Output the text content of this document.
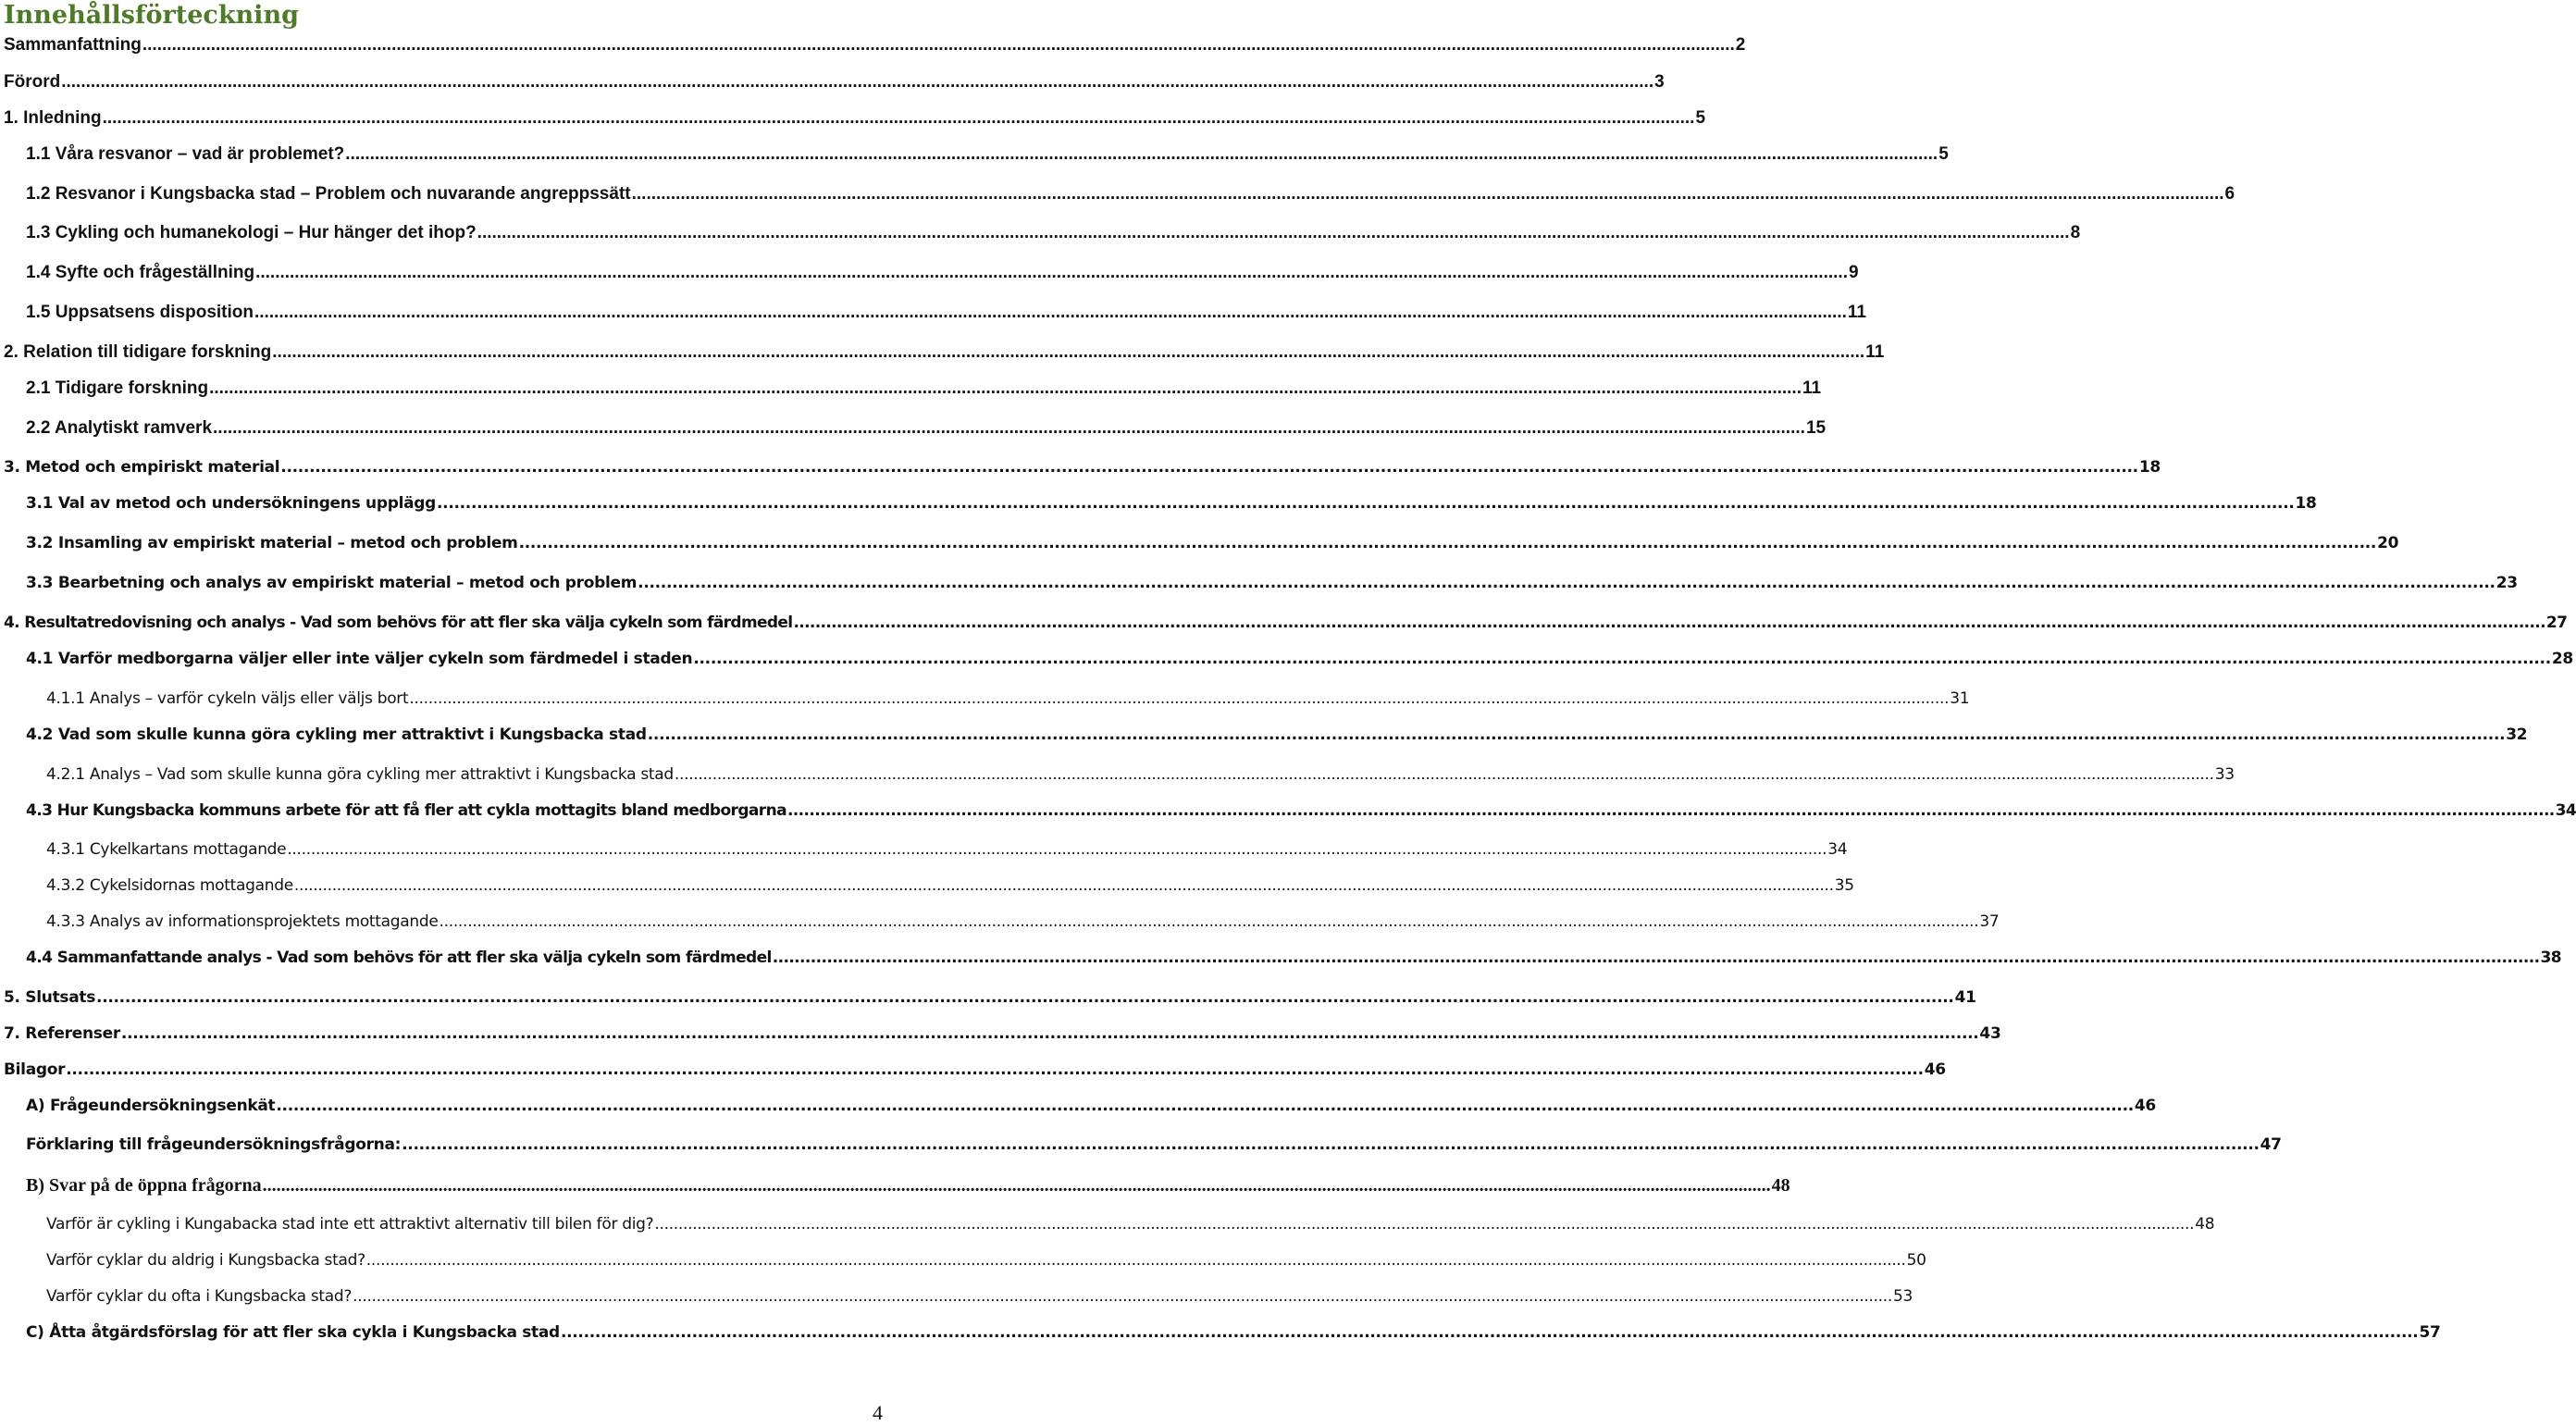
Innehållsförteckning
Sammanfattning .....	2
Förord .....	3
1. Inledning .....	5
1.1 Våra resvanor – vad är problemet? .....	5
1.2 Resvanor i Kungsbacka stad – Problem och nuvarande angreppssätt .....	6
1.3 Cykling och humanekologi – Hur hänger det ihop? .....	8
1.4 Syfte och frågeställning .....	9
1.5 Uppsatsens disposition .....	11
2. Relation till tidigare forskning .....	11
2.1 Tidigare forskning .....	11
2.2 Analytiskt ramverk .....	15
3. Metod och empiriskt material .....	18
3.1 Val av metod och undersökningens upplägg .....	18
3.2 Insamling av empiriskt material – metod och problem .....	20
3.3 Bearbetning och analys av empiriskt material – metod och problem .....	23
4. Resultatredovisning och analys - Vad som behövs för att fler ska välja cykeln som färdmedel .....	27
4.1 Varför medborgarna väljer eller inte väljer cykeln som färdmedel i staden .....	28
4.1.1 Analys – varför cykeln väljs eller väljs bort .....	31
4.2 Vad som skulle kunna göra cykling mer attraktivt i Kungsbacka stad .....	32
4.2.1 Analys – Vad som skulle kunna göra cykling mer attraktivt i Kungsbacka stad .....	33
4.3 Hur Kungsbacka kommuns arbete för att få fler att cykla mottagits bland medborgarna .....	34
4.3.1 Cykelkartans mottagande .....	34
4.3.2 Cykelsidornas mottagande .....	35
4.3.3 Analys av informationsprojektets mottagande .....	37
4.4 Sammanfattande analys - Vad som behövs för att fler ska välja cykeln som färdmedel .....	38
5. Slutsats .....	41
7. Referenser .....	43
Bilagor .....	46
A) Frågeundersökningsenkät .....	46
Förklaring till frågeundersökningsfrågorna: .....	47
B) Svar på de öppna frågorna .....	48
Varför är cykling i Kungabacka stad inte ett attraktivt alternativ till bilen för dig? .....	48
Varför cyklar du aldrig i Kungsbacka stad? .....	50
Varför cyklar du ofta i Kungsbacka stad? .....	53
C) Åtta åtgärdsförslag för att fler ska cykla i Kungsbacka stad .....	57
4
